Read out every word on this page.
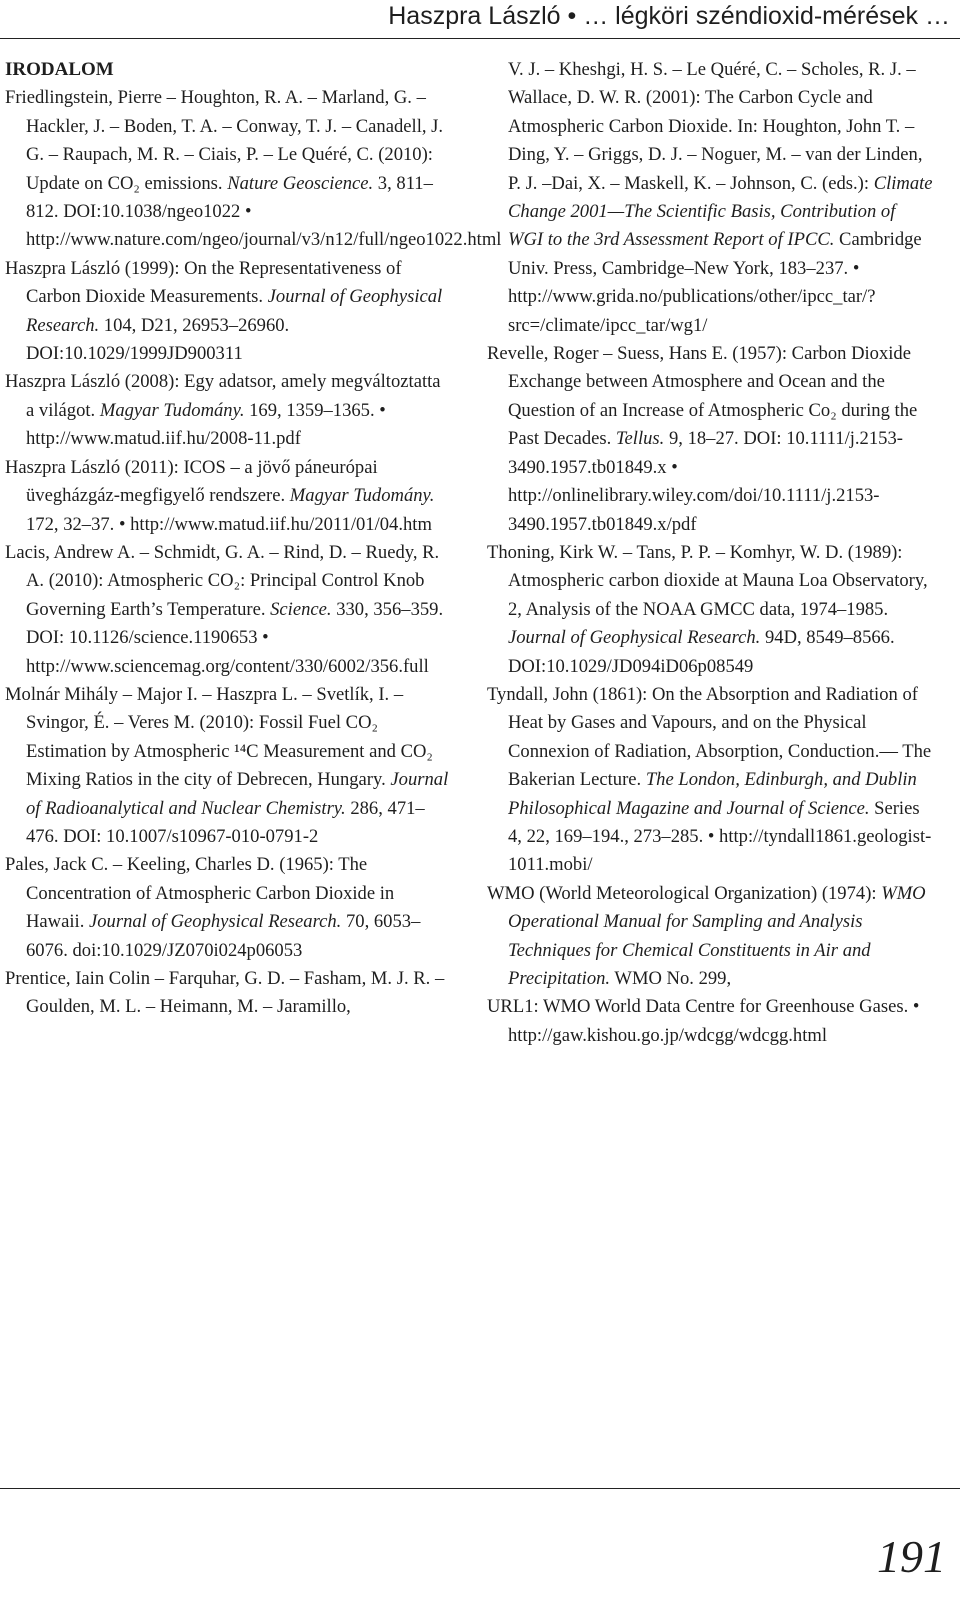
Haszpra László • … légköri széndioxid-mérések …

IRODALOM

Friedlingstein, Pierre – Houghton, R. A. – Marland, G. – Hackler, J. – Boden, T. A. – Conway, T. J. – Canadell, J. G. – Raupach, M. R. – Ciais, P. – Le Quéré, C. (2010): Update on CO₂ emissions. Nature Geoscience. 3, 811–812. DOI:10.1038/ngeo1022 • http://www.nature.com/ngeo/journal/v3/n12/full/ngeo1022.html

Haszpra László (1999): On the Representativeness of Carbon Dioxide Measurements. Journal of Geophysical Research. 104, D21, 26953–26960. DOI:10.1029/1999JD900311

Haszpra László (2008): Egy adatsor, amely megváltoztatta a világot. Magyar Tudomány. 169, 1359–1365. • http://www.matud.iif.hu/2008-11.pdf

Haszpra László (2011): ICOS – a jövő páneurópai üvegházgáz-megfigyelő rendszere. Magyar Tudomány. 172, 32–37. • http://www.matud.iif.hu/2011/01/04.htm

Lacis, Andrew A. – Schmidt, G. A. – Rind, D. – Ruedy, R. A. (2010): Atmospheric CO₂: Principal Control Knob Governing Earth’s Temperature. Science. 330, 356–359. DOI: 10.1126/science.1190653 • http://www.sciencemag.org/content/330/6002/356.full

Molnár Mihály – Major I. – Haszpra L. – Svetlík, I. – Svingor, É. – Veres M. (2010): Fossil Fuel CO₂ Estimation by Atmospheric ¹⁴C Measurement and CO₂ Mixing Ratios in the city of Debrecen, Hungary. Journal of Radioanalytical and Nuclear Chemistry. 286, 471–476. DOI: 10.1007/s10967-010-0791-2

Pales, Jack C. – Keeling, Charles D. (1965): The Concentration of Atmospheric Carbon Dioxide in Hawaii. Journal of Geophysical Research. 70, 6053–6076. doi:10.1029/JZ070i024p06053

Prentice, Iain Colin – Farquhar, G. D. – Fasham, M. J. R. – Goulden, M. L. – Heimann, M. – Jaramillo,

V. J. – Kheshgi, H. S. – Le Quéré, C. – Scholes, R. J. – Wallace, D. W. R. (2001): The Carbon Cycle and Atmospheric Carbon Dioxide. In: Houghton, John T. – Ding, Y. – Griggs, D. J. – Noguer, M. – van der Linden, P. J. –Dai, X. – Maskell, K. – Johnson, C. (eds.): Climate Change 2001—The Scientific Basis, Contribution of WGI to the 3rd Assessment Report of IPCC. Cambridge Univ. Press, Cambridge–New York, 183–237. • http://www.grida.no/publications/other/ipcc_tar/?src=/climate/ipcc_tar/wg1/

Revelle, Roger – Suess, Hans E. (1957): Carbon Dioxide Exchange between Atmosphere and Ocean and the Question of an Increase of Atmospheric Co₂ during the Past Decades. Tellus. 9, 18–27. DOI: 10.1111/j.2153-3490.1957.tb01849.x • http://onlinelibrary.wiley.com/doi/10.1111/j.2153-3490.1957.tb01849.x/pdf

Thoning, Kirk W. – Tans, P. P. – Komhyr, W. D. (1989): Atmospheric carbon dioxide at Mauna Loa Observatory, 2, Analysis of the NOAA GMCC data, 1974–1985. Journal of Geophysical Research. 94D, 8549–8566. DOI:10.1029/JD094iD06p08549

Tyndall, John (1861): On the Absorption and Radiation of Heat by Gases and Vapours, and on the Physical Connexion of Radiation, Absorption, Conduction.— The Bakerian Lecture. The London, Edinburgh, and Dublin Philosophical Magazine and Journal of Science. Series 4, 22, 169–194., 273–285. • http://tyndall1861.geologist-1011.mobi/

WMO (World Meteorological Organization) (1974): WMO Operational Manual for Sampling and Analysis Techniques for Chemical Constituents in Air and Precipitation. WMO No. 299,

URL1: WMO World Data Centre for Greenhouse Gases. • http://gaw.kishou.go.jp/wdcgg/wdcgg.html

191
